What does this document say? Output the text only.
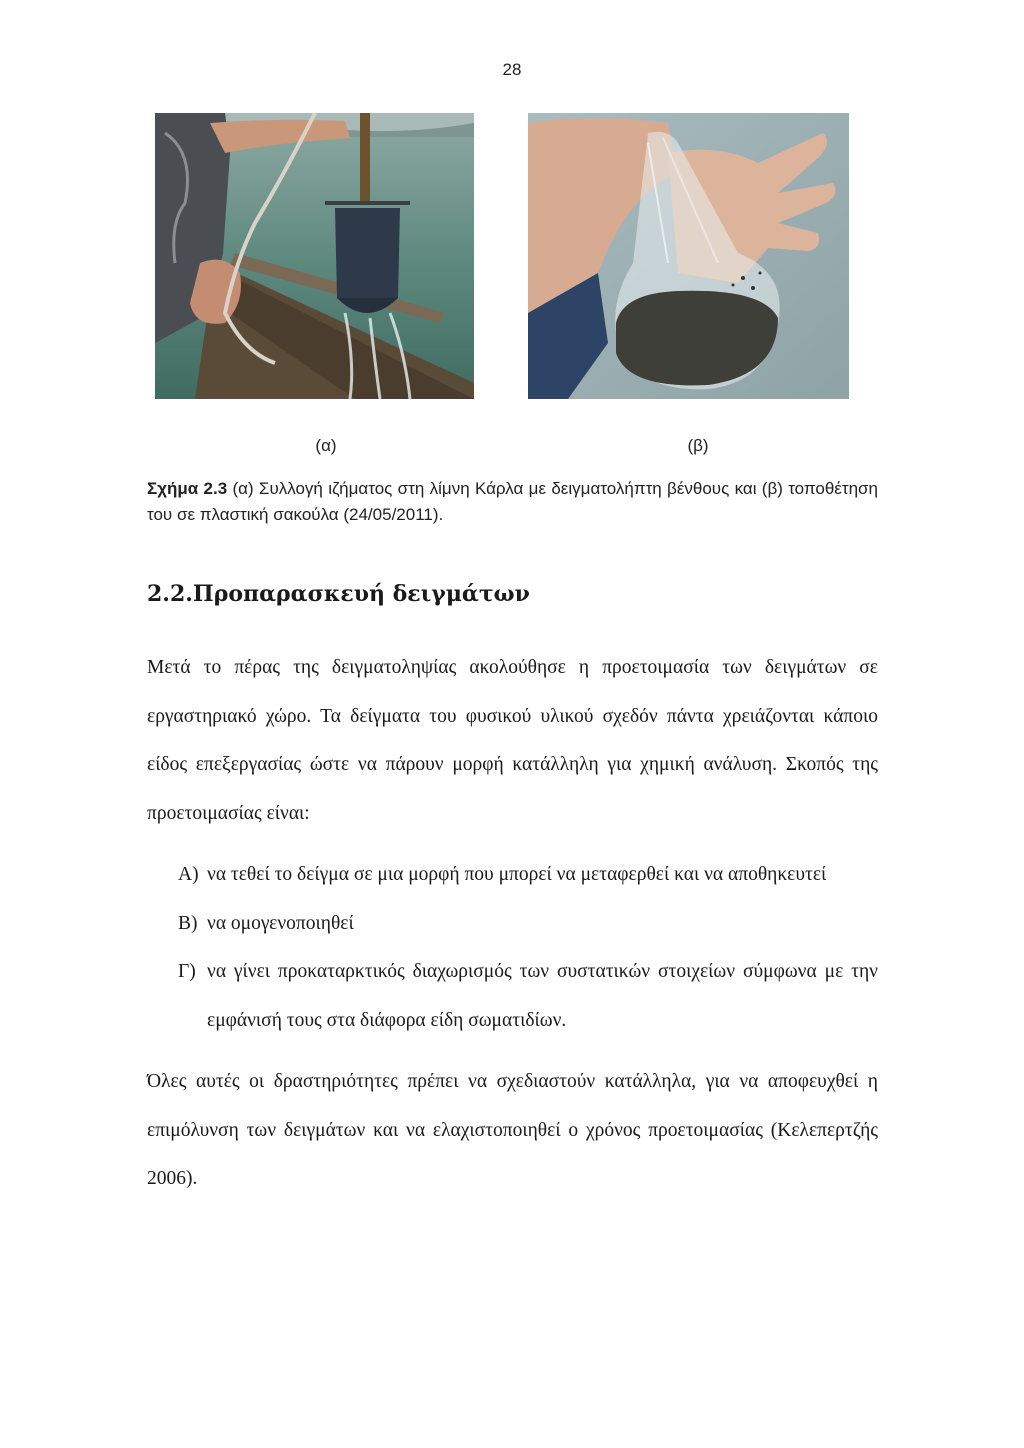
28
(α)	(β)
Σχήμα 2.3 (α) Συλλογή ιζήματος στη λίμνη Κάρλα με δειγματολήπτη βένθους και (β) τοποθέτηση του σε πλαστική σακούλα (24/05/2011).
2.2.Προπαρασκευή δειγμάτων
Μετά το πέρας της δειγματοληψίας ακολούθησε η προετοιμασία των δειγμάτων σε εργαστηριακό χώρο. Τα δείγματα του φυσικού υλικού σχεδόν πάντα χρειάζονται κάποιο είδος επεξεργασίας ώστε να πάρουν μορφή κατάλληλη για χημική ανάλυση. Σκοπός της προετοιμασίας είναι:
Α) να τεθεί το δείγμα σε μια μορφή που μπορεί να μεταφερθεί και να αποθηκευτεί
Β) να ομογενοποιηθεί
Γ) να γίνει προκαταρκτικός διαχωρισμός των συστατικών στοιχείων σύμφωνα με την εμφάνισή τους στα διάφορα είδη σωματιδίων.
Όλες αυτές οι δραστηριότητες πρέπει να σχεδιαστούν κατάλληλα, για να αποφευχθεί η επιμόλυνση των δειγμάτων και να ελαχιστοποιηθεί ο χρόνος προετοιμασίας (Κελεπερτζής 2006).
